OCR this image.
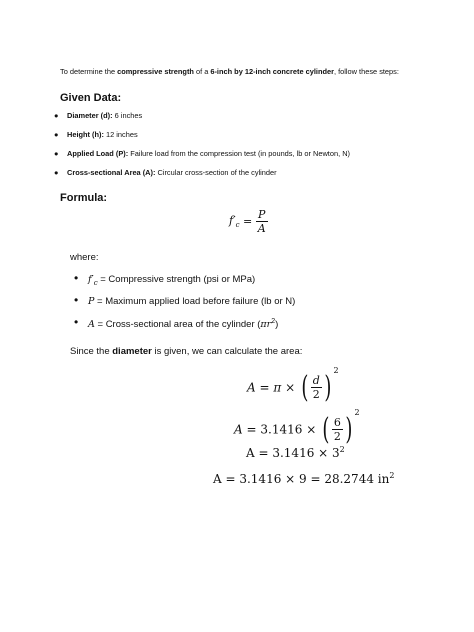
To determine the compressive strength of a 6-inch by 12-inch concrete cylinder, follow these steps:
Given Data:
● Diameter (d): 6 inches
● Height (h): 12 inches
● Applied Load (P): Failure load from the compression test (in pounds, lb or Newton, N)
● Cross-sectional Area (A): Circular cross-section of the cylinder
Formula:
$f'_c = \frac{P}{A}$
where:
• $f'_c$ = Compressive strength (psi or MPa)
• P = Maximum applied load before failure (lb or N)
• A = Cross-sectional area of the cylinder $(\pi r^2)$
Since the diameter is given, we can calculate the area:
A = π × ( $\frac{d}{2}$ ) $^2$
A = 3.1416 × ( $\frac{6}{2}$ ) $^2$
$A = 3.1416 \times 3^2$
A = 3.1416 × 9 = 28.2744 $in^2$
